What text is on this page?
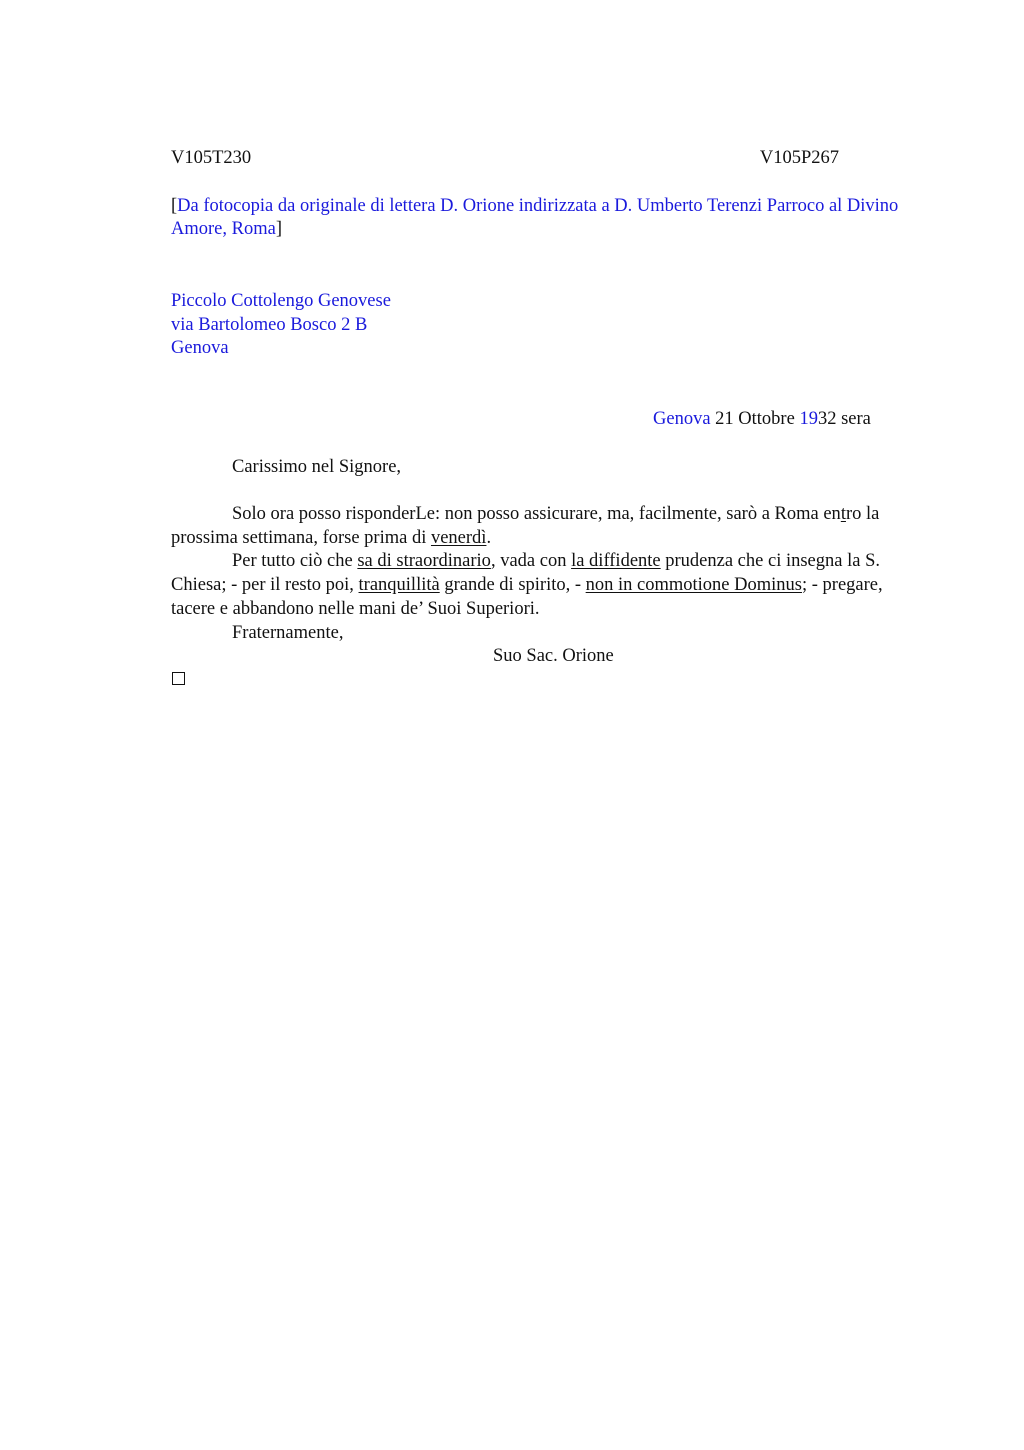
V105T230	V105P267
[Da fotocopia da originale di lettera D. Orione indirizzata a D. Umberto Terenzi Parroco al Divino Amore, Roma]
Piccolo Cottolengo Genovese
via Bartolomeo Bosco 2 B
Genova
Genova 21 Ottobre 1932 sera
Carissimo nel Signore,

Solo ora posso risponderLe: non posso assicurare, ma, facilmente, sarò a Roma entro la prossima settimana, forse prima di venerdì.

Per tutto ciò che sa di straordinario, vada con la diffidente prudenza che ci insegna la S. Chiesa; - per il resto poi, tranquillità grande di spirito, - non in commotione Dominus; - pregare, tacere e abbandono nelle mani de’ Suoi Superiori.

Fraternamente,
Suo Sac. Orione
